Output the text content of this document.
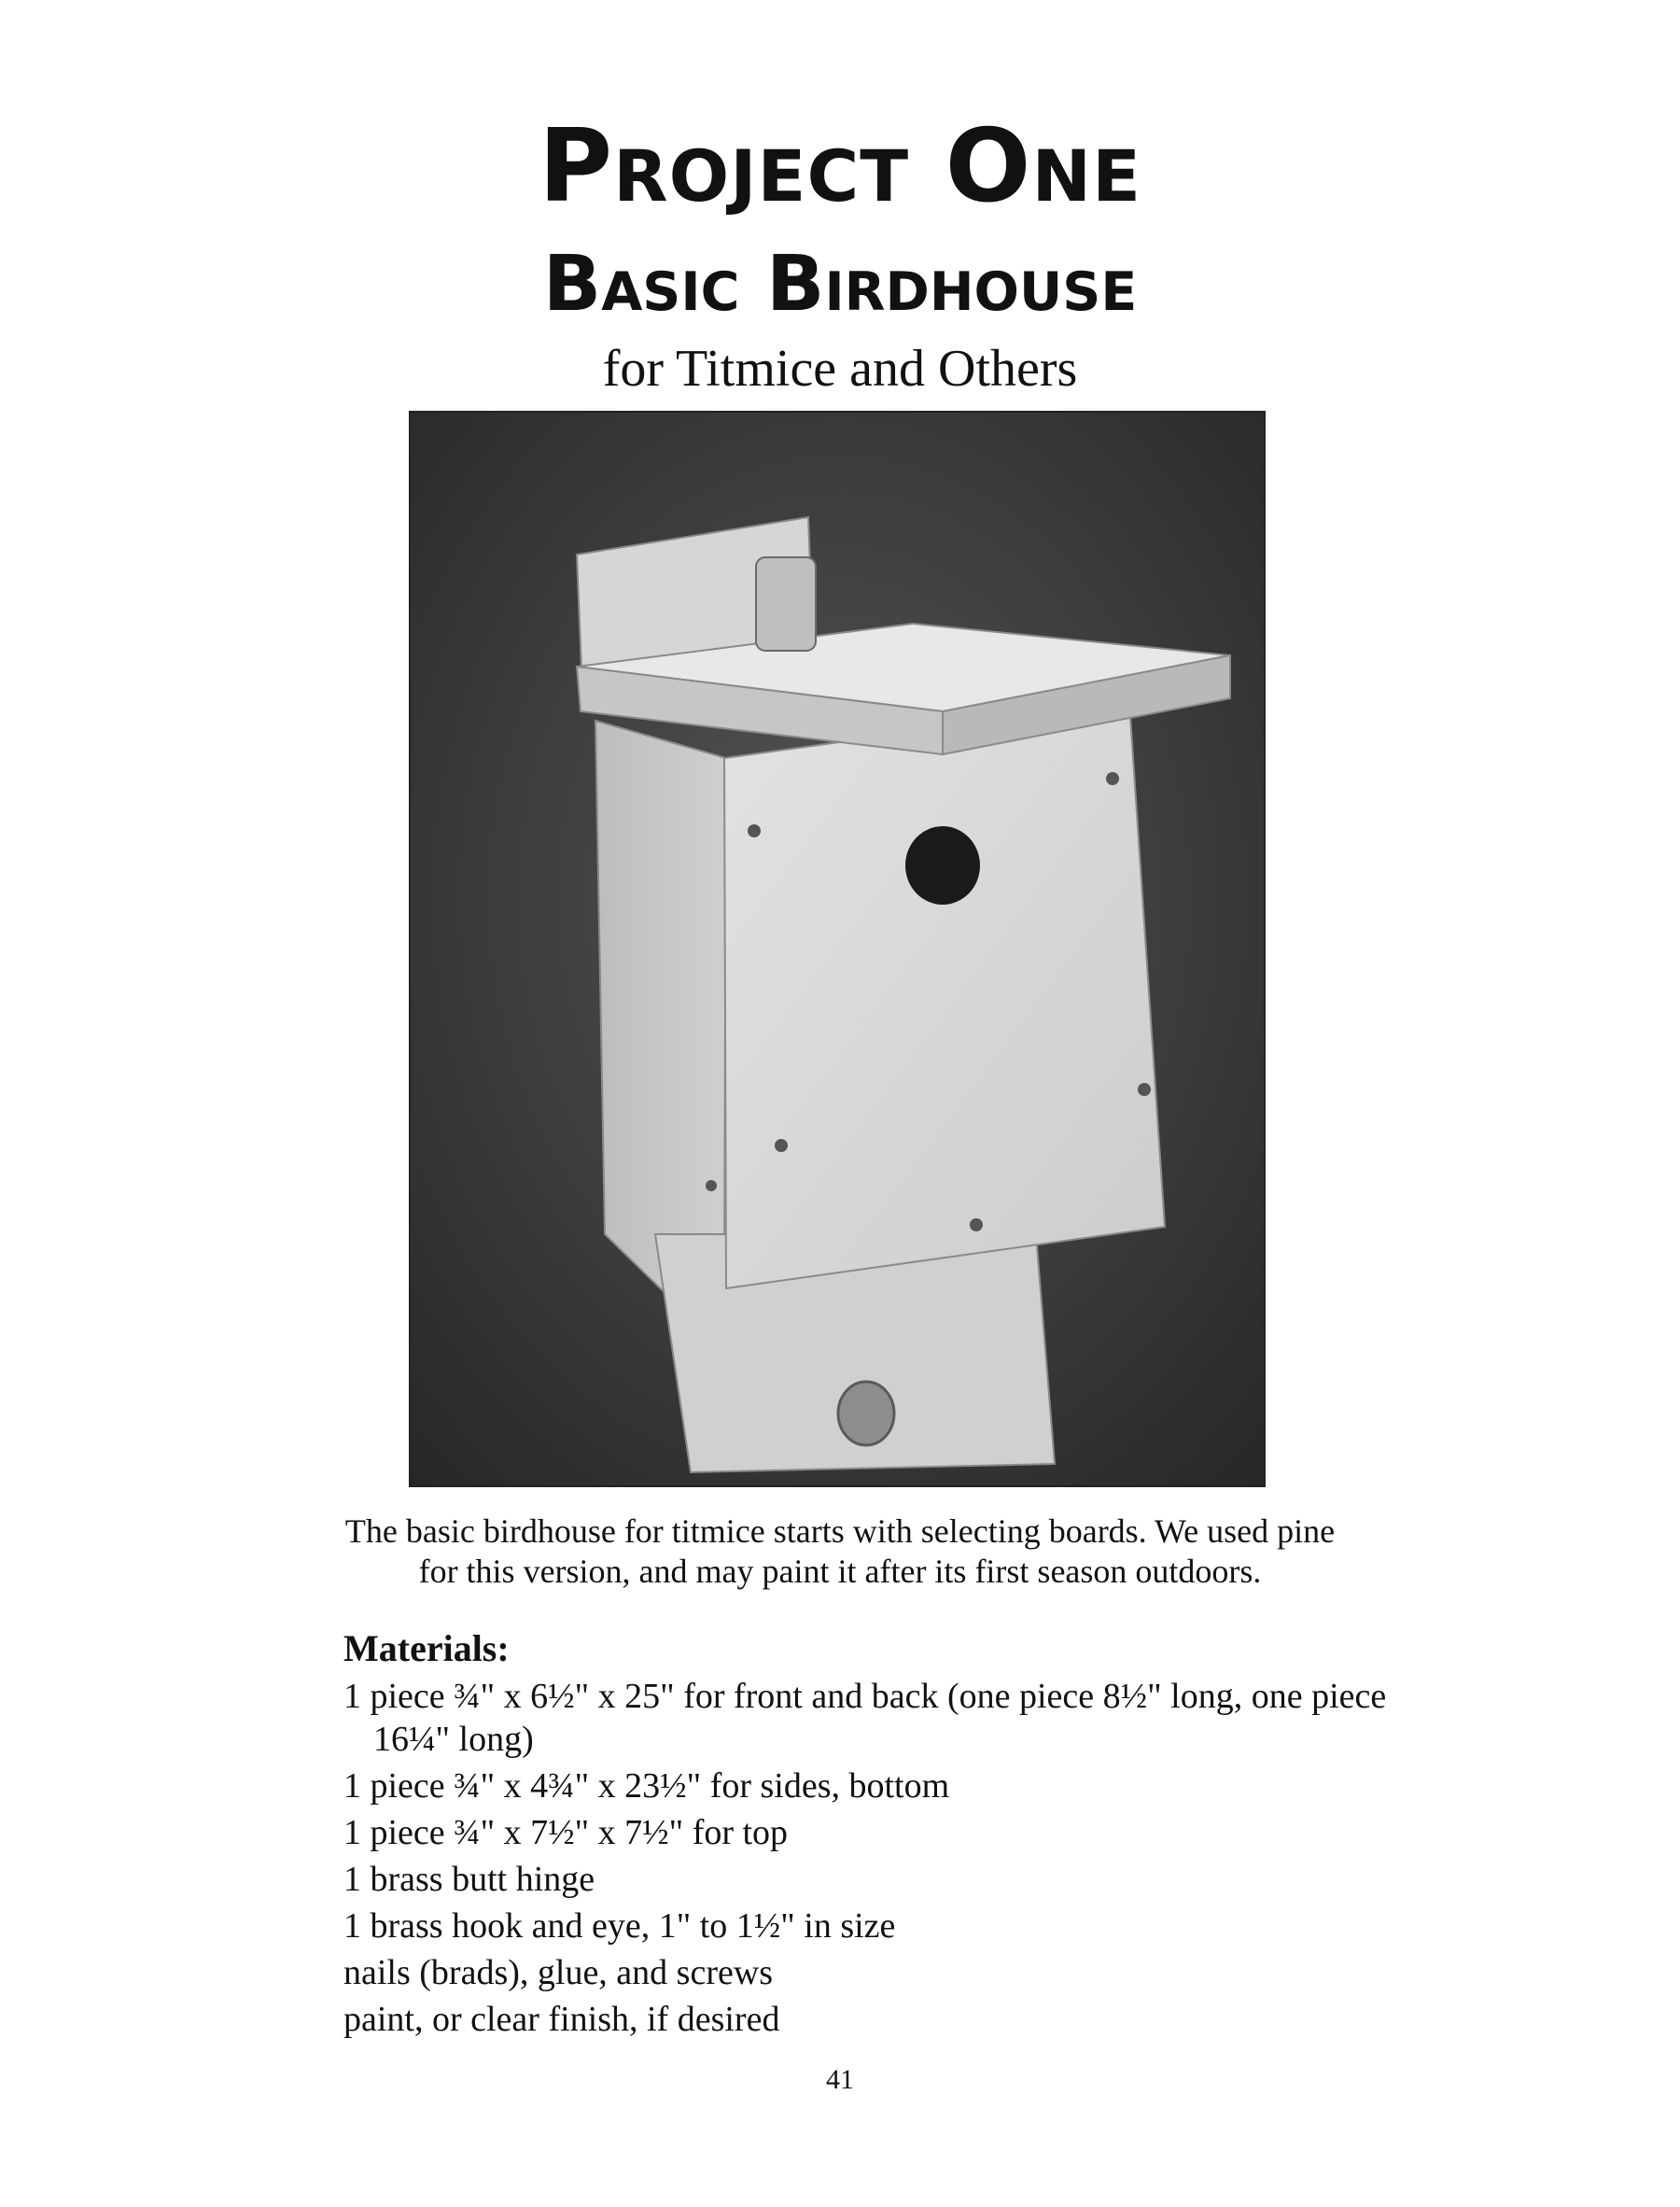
Project One
Basic Birdhouse
for Titmice and Others
The basic birdhouse for titmice starts with selecting boards. We used pine
for this version, and may paint it after its first season outdoors.
Materials:
1 piece ¾" x 6½" x 25" for front and back (one piece 8½" long, one piece 16¼" long)
1 piece ¾" x 4¾" x 23½" for sides, bottom
1 piece ¾" x 7½" x 7½" for top
1 brass butt hinge
1 brass hook and eye, 1" to 1½" in size
nails (brads), glue, and screws
paint, or clear finish, if desired
41
